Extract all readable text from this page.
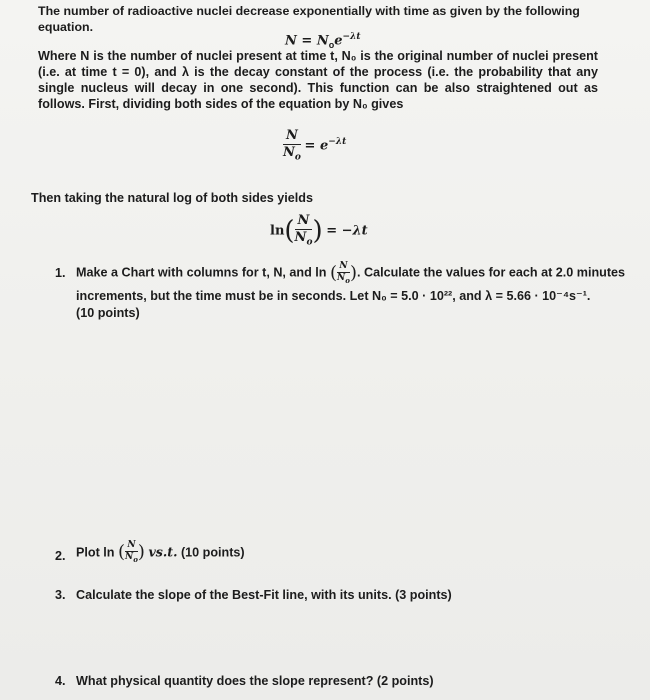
The number of radioactive nuclei decrease exponentially with time as given by the following equation.
$N = N_oe^{-\lambda t}$
Where N is the number of nuclei present at time t, N₀ is the original number of nuclei present (i.e. at time t = 0), and λ is the decay constant of the process (i.e. the probability that any single nucleus will decay in one second). This function can be also straightened out as follows. First, dividing both sides of the equation by N₀ gives
$\frac{N}{N_o} = e^{-\lambda t}$
Then taking the natural log of both sides yields
$\ln( \frac{N}{N_o}$ ) = −λt
1. Make a Chart with columns for t, N, and ln ( $\frac{N}{N_o}$ ). Calculate the values for each at 2.0 minutes
increments, but the time must be in seconds. Let N₀ = 5.0 · 10²², and λ = 5.66 · 10⁻⁴s⁻¹.
(10 points)
2. Plot ln ( $\frac{N}{N_o}$ ) vs.t. (10 points)
3. Calculate the slope of the Best-Fit line, with its units. (3 points)
4. What physical quantity does the slope represent? (2 points)
